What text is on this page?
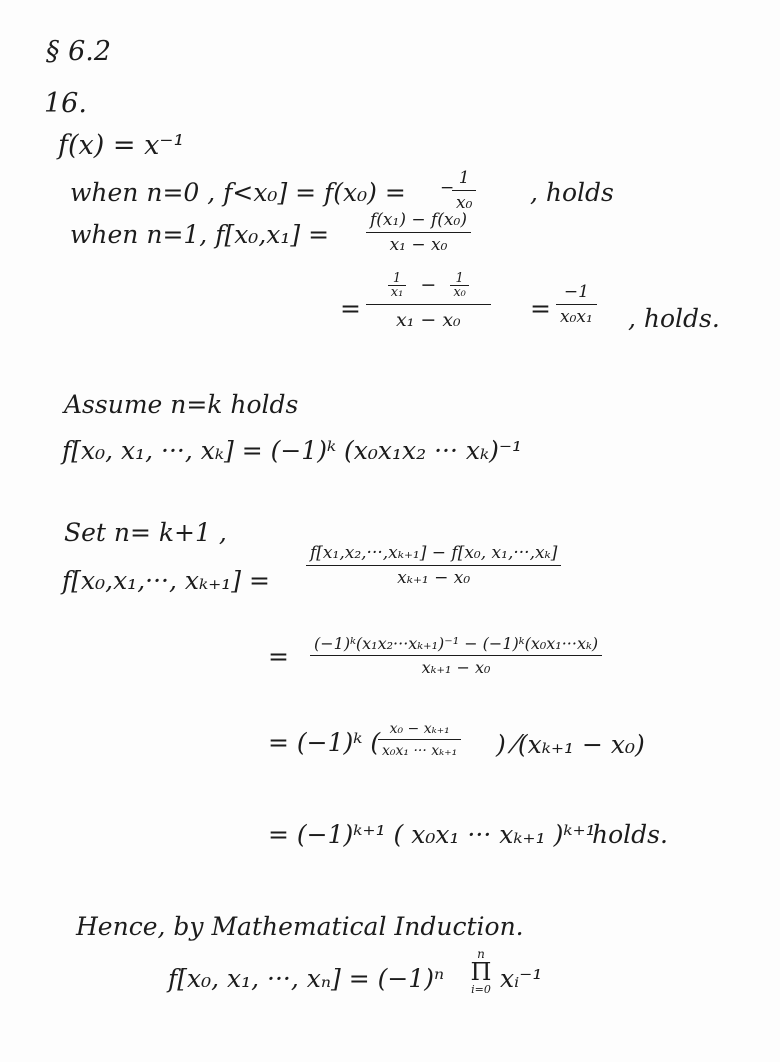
§ 6.2
16.
f(x) = x⁻¹
when n=0 , f<x₀] = f(x₀) =	$\frac{1}{\text{x₀}}$
−	, holds
when n=1, $f[x_0,x_1] = \frac{\text{f(x₁) − f(x₀)}}{\text{x₁ − x₀}}$
= $\frac{\frac{1}{\text{x₁}} - \frac{1}{\text{x₀}}}{\text{x₁ − x₀}} = \frac{-1}{\text{x₀x₁}}$ , holds.
Assume n=k holds
f[x₀, x₁, ···, xₖ] = (−1)ᵏ (x₀x₁x₂ ··· xₖ)⁻¹
Set n= k+1 ,
f[x₀,x₁,···, $x_{k+1}] = \frac{\text{f[x₁,x₂,···,xₖ₊₁] − f[x₀, x₁,···,xₖ]}}{\text{xₖ₊₁ − x₀}}$
= $\frac{\text{(−1)ᵏ(x₁x₂···xₖ₊₁)⁻¹ − (−1)ᵏ(x₀x₁···xₖ)}}{\text{xₖ₊₁ − x₀}}$
= (−1)ᵏ (
$\frac{\text{x₀ − xₖ₊₁}}{\text{x₀x₁ ··· xₖ₊₁}}$ ) ⁄(xₖ₊₁ − x₀)
= (−1)ᵏ⁺¹ ( x₀x₁ ··· xₖ₊₁ )ᵏ⁺¹
holds.
Hence, by Mathematical Induction.
f[x₀, x₁, ···, xₙ] = (−1)ⁿ
n
Π
i=0 xᵢ⁻¹
